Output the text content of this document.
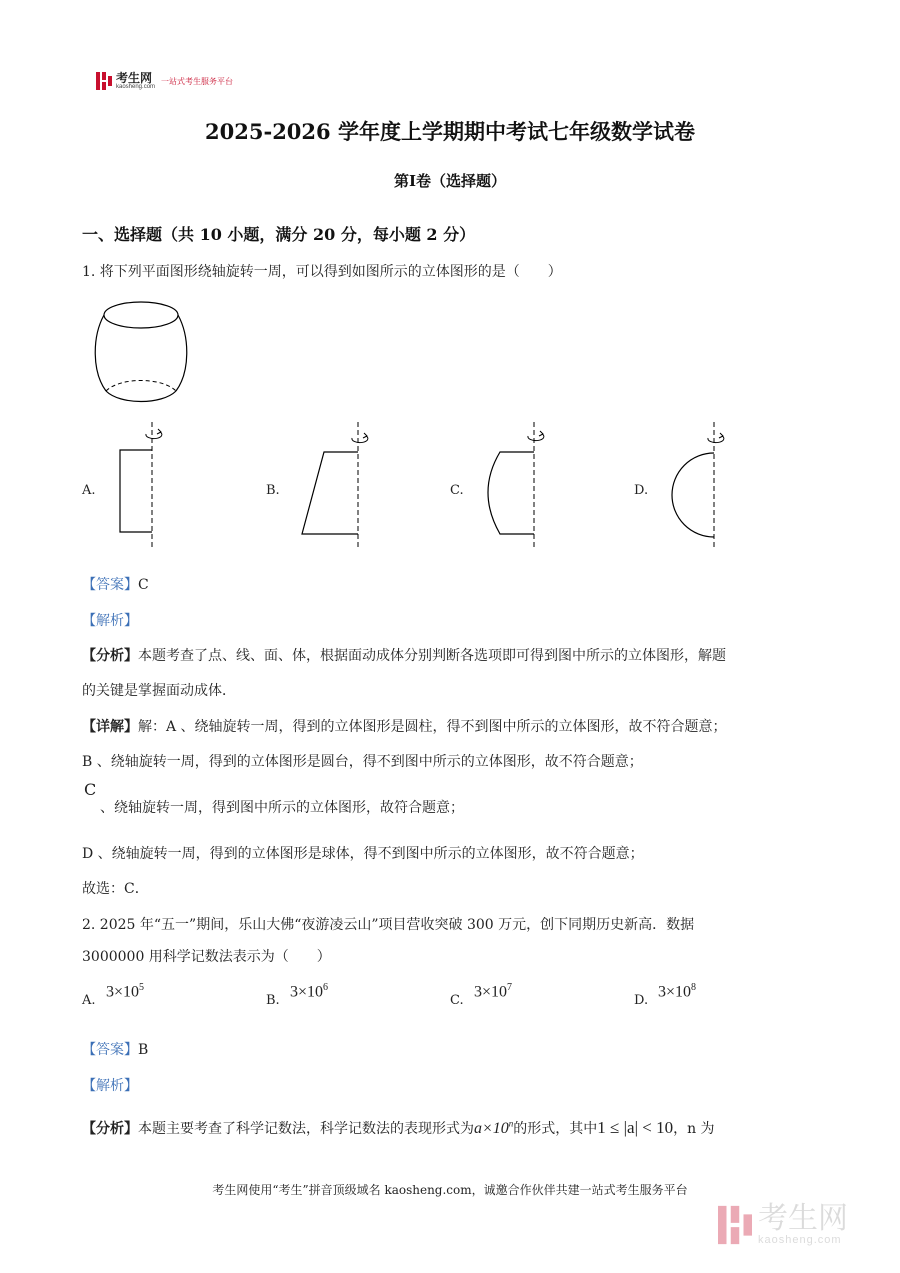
考生网
kaosheng.com
一站式考生服务平台
2025-2026 学年度上学期期中考试七年级数学试卷
第Ⅰ卷（选择题）
一、选择题（共 10 小题，满分 20 分，每小题 2 分）
1. 将下列平面图形绕轴旋转一周，可以得到如图所示的立体图形的是（　　）
A.	B.	C.	D.
【答案】C
【解析】
【分析】本题考查了点、线、面、体，根据面动成体分别判断各选项即可得到图中所示的立体图形，解题
的关键是掌握面动成体．
【详解】解：A 、绕轴旋转一周，得到的立体图形是圆柱，得不到图中所示的立体图形，故不符合题意；
B 、绕轴旋转一周，得到的立体图形是圆台，得不到图中所示的立体图形，故不符合题意；
C
、绕轴旋转一周，得到图中所示的立体图形，故符合题意；
D 、绕轴旋转一周，得到的立体图形是球体，得不到图中所示的立体图形，故不符合题意；
故选：C．
2. 2025 年“五一”期间，乐山大佛“夜游凌云山”项目营收突破 300 万元，创下同期历史新高．数据
3000000 用科学记数法表示为（　　）
A.
$3\times 10^5$
B.
$3\times 10^6$
C.
$3\times 10^7$
D.
$3\times 10^8$
【答案】B
【解析】
【分析】本题主要考查了科学记数法，科学记数法的表现形式为$a\times 10^n$的形式，其中1 ≤ |a| < 10，n 为
考生网使用“考生”拼音顶级域名 kaosheng.com，诚邀合作伙伴共建一站式考生服务平台
考生网
kaosheng.com
